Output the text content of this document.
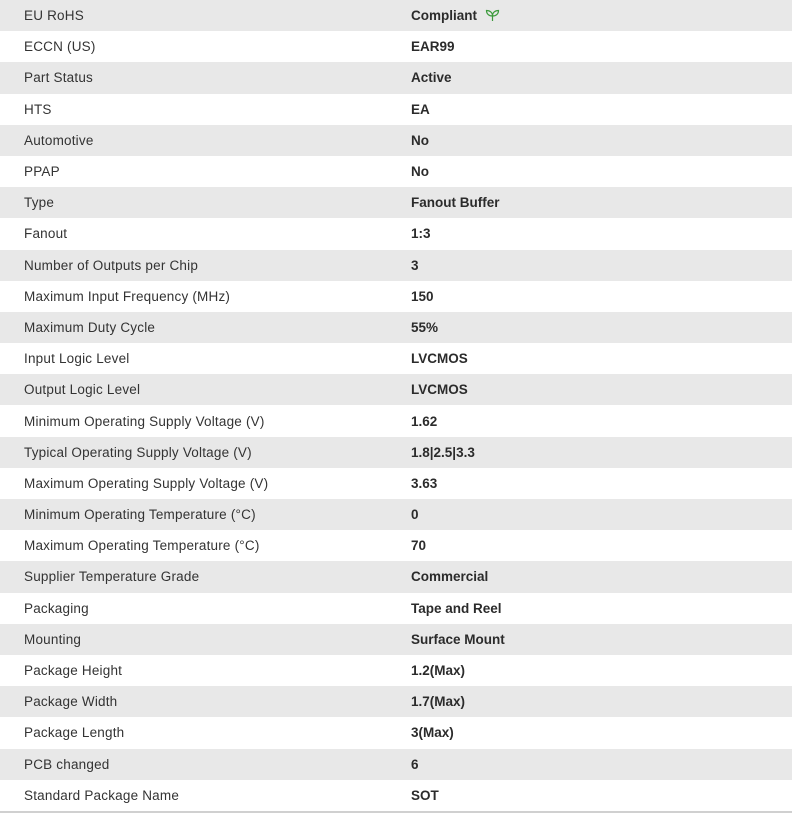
EU RoHS	Compliant
ECCN (US)	EAR99
Part Status	Active
HTS	EA
Automotive	No
PPAP	No
Type	Fanout Buffer
Fanout	1:3
Number of Outputs per Chip	3
Maximum Input Frequency (MHz)	150
Maximum Duty Cycle	55%
Input Logic Level	LVCMOS
Output Logic Level	LVCMOS
Minimum Operating Supply Voltage (V)	1.62
Typical Operating Supply Voltage (V)	1.8|2.5|3.3
Maximum Operating Supply Voltage (V)	3.63
Minimum Operating Temperature (°C)	0
Maximum Operating Temperature (°C)	70
Supplier Temperature Grade	Commercial
Packaging	Tape and Reel
Mounting	Surface Mount
Package Height	1.2(Max)
Package Width	1.7(Max)
Package Length	3(Max)
PCB changed	6
Standard Package Name	SOT
